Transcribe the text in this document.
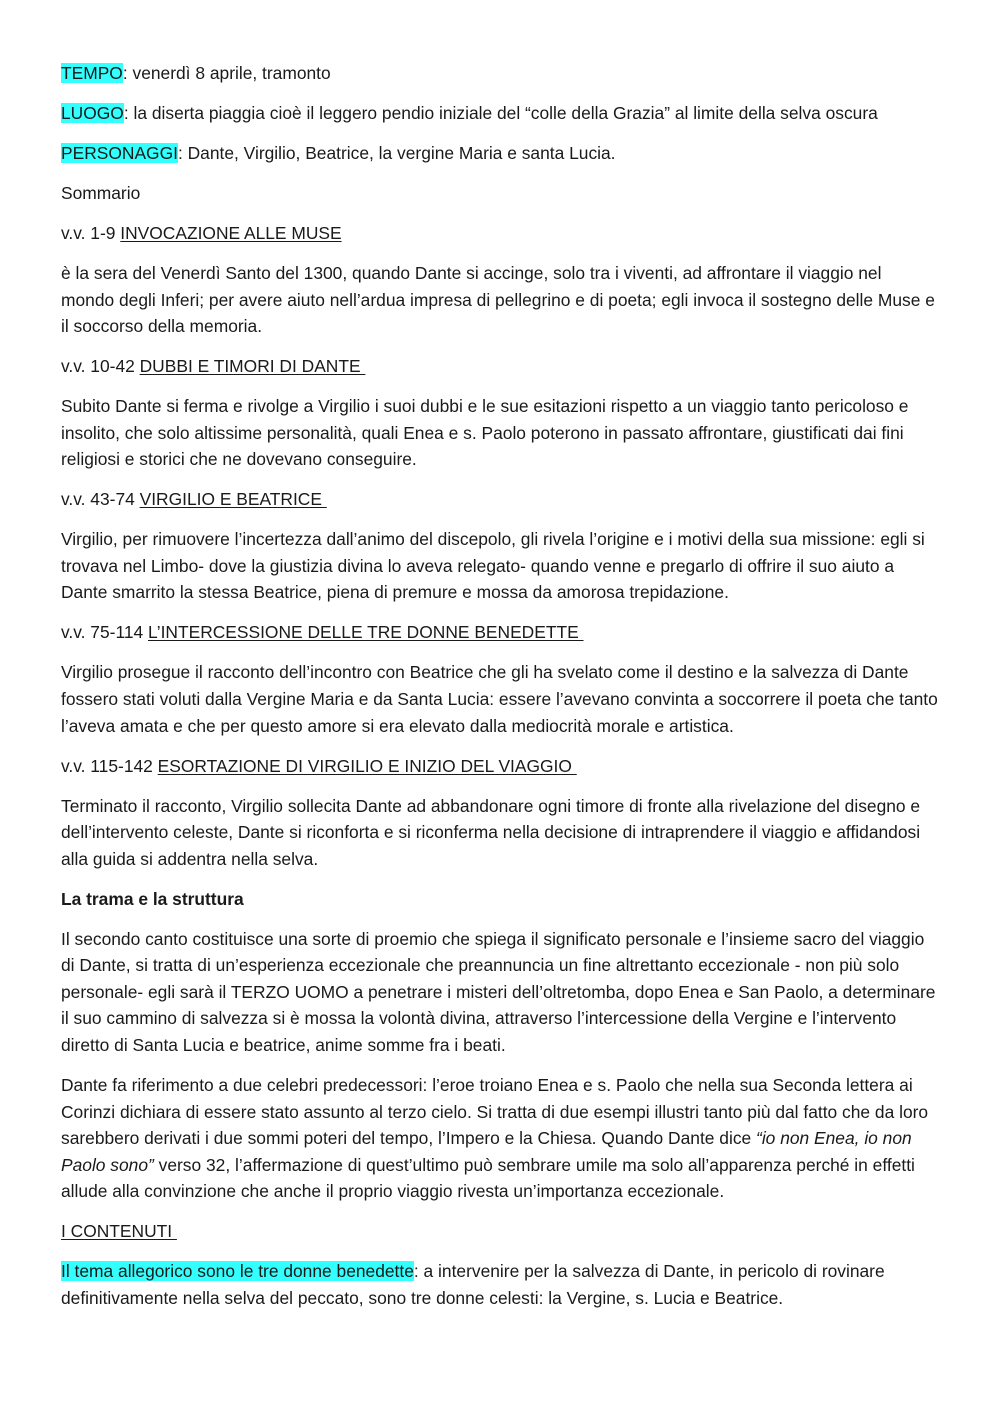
TEMPO: venerdì 8 aprile, tramonto

LUOGO: la diserta piaggia cioè il leggero pendio iniziale del “colle della Grazia” al limite della selva oscura

PERSONAGGI: Dante, Virgilio, Beatrice, la vergine Maria e santa Lucia.

Sommario

v.v. 1-9 INVOCAZIONE ALLE MUSE

è la sera del Venerdì Santo del 1300, quando Dante si accinge, solo tra i viventi, ad affrontare il viaggio nel mondo degli Inferi; per avere aiuto nell’ardua impresa di pellegrino e di poeta; egli invoca il sostegno delle Muse e il soccorso della memoria.

v.v. 10-42 DUBBI E TIMORI DI DANTE

Subito Dante si ferma e rivolge a Virgilio i suoi dubbi e le sue esitazioni rispetto a un viaggio tanto pericoloso e insolito, che solo altissime personalità, quali Enea e s. Paolo poterono in passato affrontare, giustificati dai fini religiosi e storici che ne dovevano conseguire.

v.v. 43-74 VIRGILIO E BEATRICE

Virgilio, per rimuovere l’incertezza dall’animo del discepolo, gli rivela l’origine e i motivi della sua missione: egli si trovava nel Limbo- dove la giustizia divina lo aveva relegato- quando venne e pregarlo di offrire il suo aiuto a Dante smarrito la stessa Beatrice, piena di premure e mossa da amorosa trepidazione.

v.v. 75-114 L’INTERCESSIONE DELLE TRE DONNE BENEDETTE

Virgilio prosegue il racconto dell’incontro con Beatrice che gli ha svelato come il destino e la salvezza di Dante fossero stati voluti dalla Vergine Maria e da Santa Lucia: essere l’avevano convinta a soccorrere il poeta che tanto l’aveva amata e che per questo amore si era elevato dalla mediocrità morale e artistica.

v.v. 115-142 ESORTAZIONE DI VIRGILIO E INIZIO DEL VIAGGIO

Terminato il racconto, Virgilio sollecita Dante ad abbandonare ogni timore di fronte alla rivelazione del disegno e dell’intervento celeste, Dante si riconforta e si riconferma nella decisione di intraprendere il viaggio e affidandosi alla guida si addentra nella selva.

La trama e la struttura

Il secondo canto costituisce una sorte di proemio che spiega il significato personale e l’insieme sacro del viaggio di Dante, si tratta di un’esperienza eccezionale che preannuncia un fine altrettanto eccezionale - non più solo personale- egli sarà il TERZO UOMO a penetrare i misteri dell’oltretomba, dopo Enea e San Paolo, a determinare il suo cammino di salvezza si è mossa la volontà divina, attraverso l’intercessione della Vergine e l’intervento diretto di Santa Lucia e beatrice, anime somme fra i beati.

Dante fa riferimento a due celebri predecessori: l’eroe troiano Enea e s. Paolo che nella sua Seconda lettera ai Corinzi dichiara di essere stato assunto al terzo cielo. Si tratta di due esempi illustri tanto più dal fatto che da loro sarebbero derivati i due sommi poteri del tempo, l’Impero e la Chiesa. Quando Dante dice “io non Enea, io non Paolo sono” verso 32, l’affermazione di quest’ultimo può sembrare umile ma solo all’apparenza perché in effetti allude alla convinzione che anche il proprio viaggio rivesta un’importanza eccezionale.

I CONTENUTI

Il tema allegorico sono le tre donne benedette: a intervenire per la salvezza di Dante, in pericolo di rovinare definitivamente nella selva del peccato, sono tre donne celesti: la Vergine, s. Lucia e Beatrice.
